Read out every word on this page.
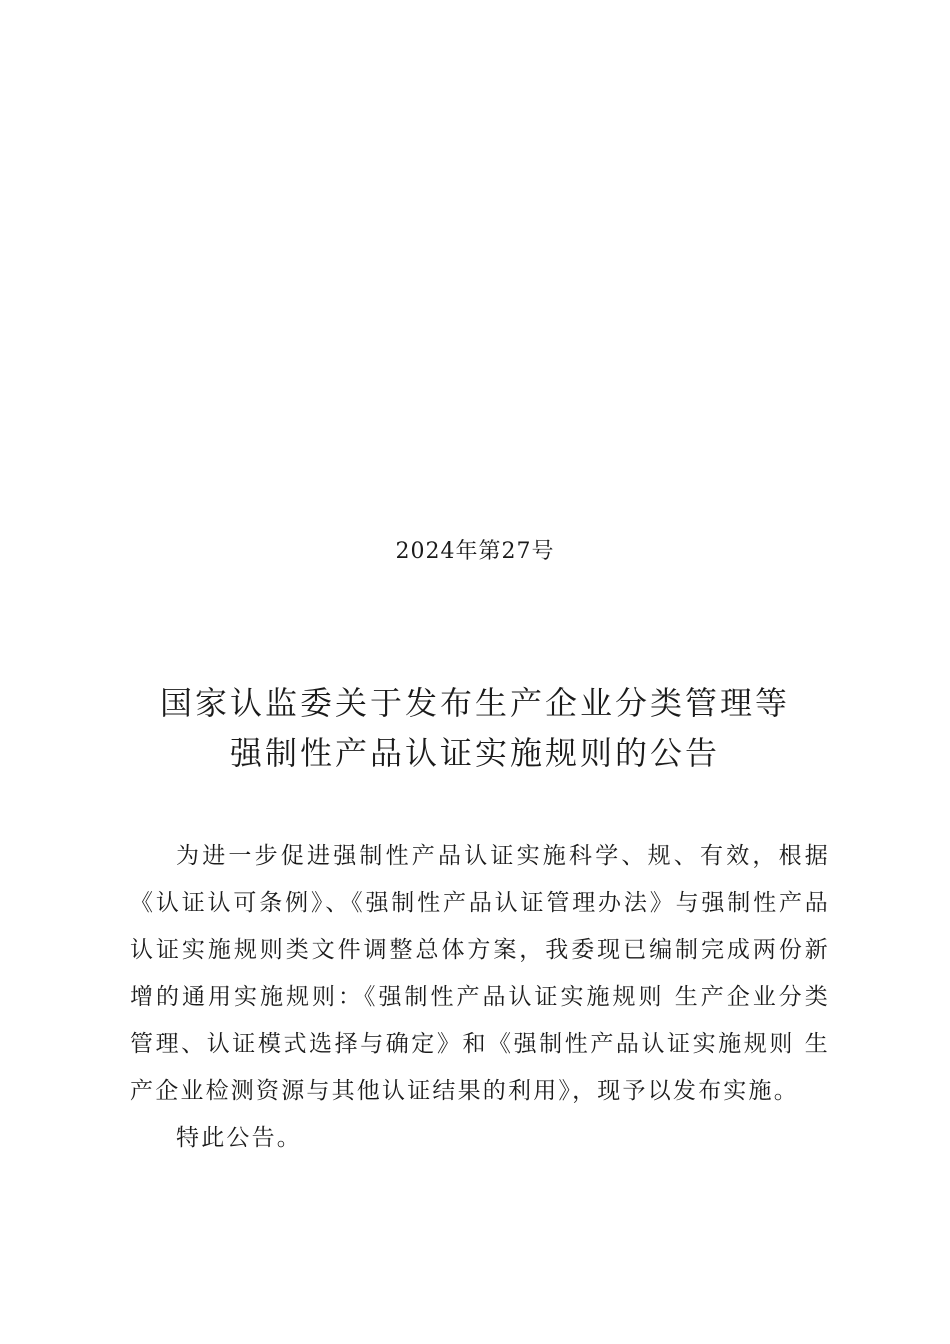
2024年第27号
国家认监委关于发布生产企业分类管理等
强制性产品认证实施规则的公告

为进一步促进强制性产品认证实施科学、规、有效，根据《认证认可条例》、《强制性产品认证管理办法》与强制性产品认证实施规则类文件调整总体方案，我委现已编制完成两份新增的通用实施规则：《强制性产品认证实施规则 生产企业分类管理、认证模式选择与确定》和《强制性产品认证实施规则 生产企业检测资源与其他认证结果的利用》，现予以发布实施。

特此公告。
